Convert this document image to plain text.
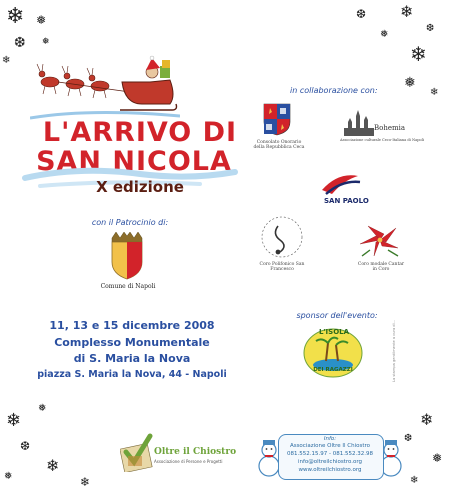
❄ ❅
❆
❄
❅
❆ ❄
❅
❄
❆
❅
❄
❄
❅
❆
❄
❅	❄
❄
❆
❅
❄
L'ARRIVO DI
SAN NICOLA
X edizione
con il Patrocinio di:
Comune di Napoli
11, 13 e 15 dicembre 2008
Complesso Monumentale
di S. Maria la Nova
piazza S. Maria la Nova, 44 - Napoli
Oltre il Chiostro
Associazione di Persone e Progetti
in collaborazione con:
Consolato Onorario della Repubblica Ceca
Bohemia
Associazione culturale Ceco-Italiana di Napoli
SAN PAOLO
Coro Polifonico San Francesco
Coro modale Cantar in Coro
sponsor dell'evento:
L'ISOLA
DEI RAGAZZI	La stampa gentilmente a cura di...
Info:
Associazione Oltre Il Chiostro
081.552.15.97 - 081.552.32.98
info@oltreilchiostro.org
www.oltreilchiostro.org
